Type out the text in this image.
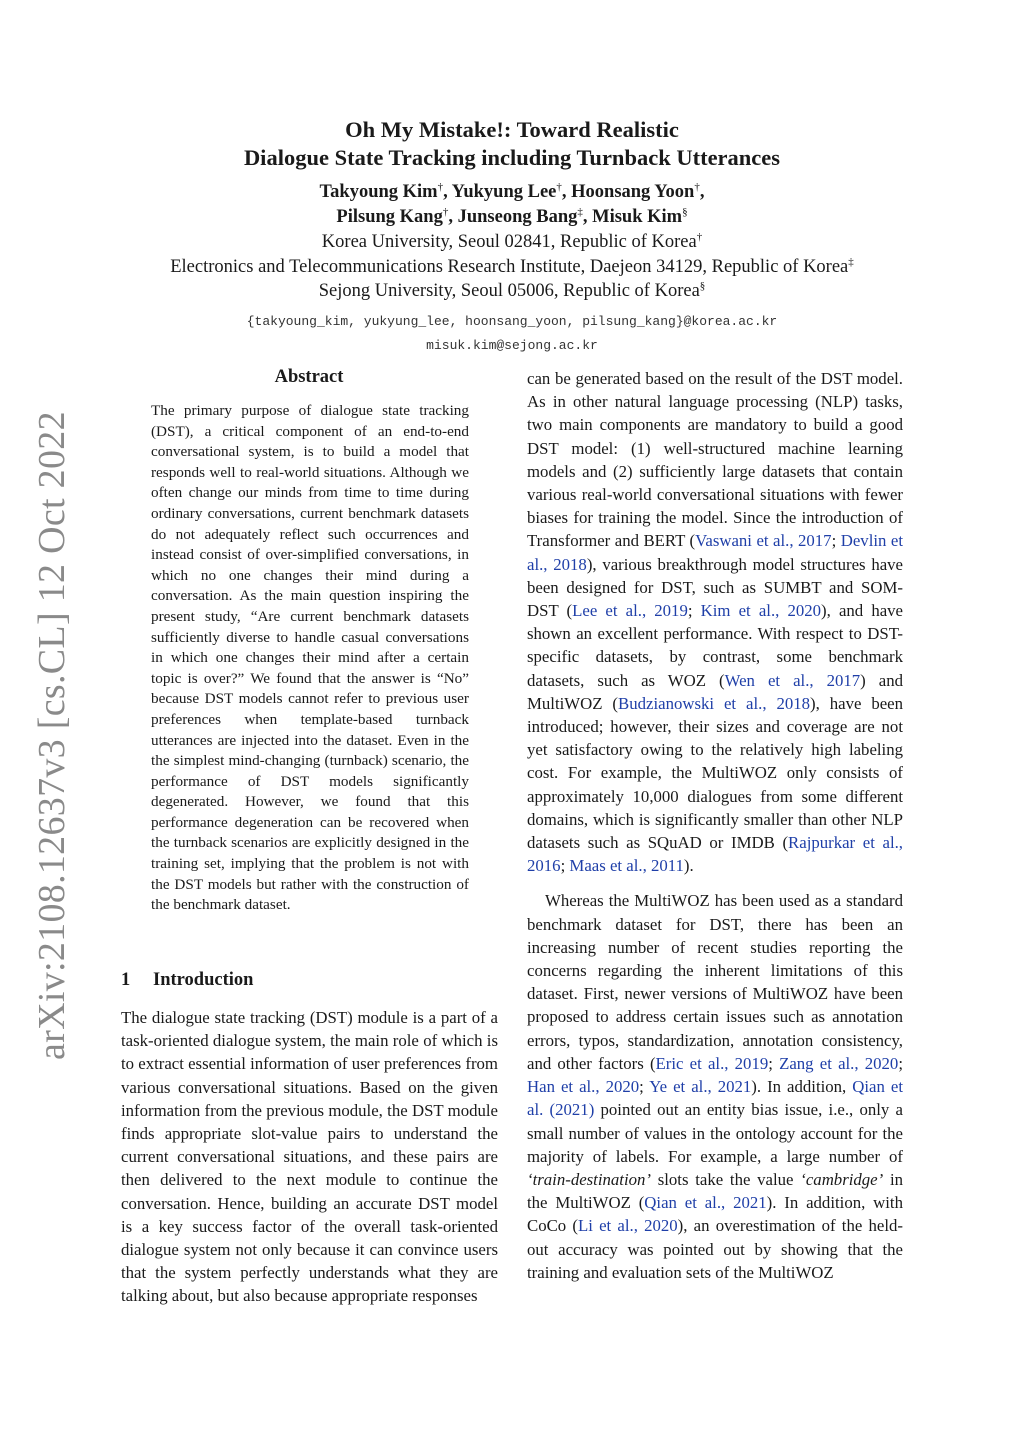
arXiv:2108.12637v3 [cs.CL] 12 Oct 2022
Oh My Mistake!: Toward Realistic
Dialogue State Tracking including Turnback Utterances
Takyoung Kim†, Yukyung Lee†, Hoonsang Yoon†,
Pilsung Kang†, Junseong Bang‡, Misuk Kim§
Korea University, Seoul 02841, Republic of Korea†
Electronics and Telecommunications Research Institute, Daejeon 34129, Republic of Korea‡
Sejong University, Seoul 05006, Republic of Korea§
{takyoung_kim, yukyung_lee, hoonsang_yoon, pilsung_kang}@korea.ac.kr
misuk.kim@sejong.ac.kr
Abstract

The primary purpose of dialogue state tracking (DST), a critical component of an end-to-end conversational system, is to build a model that responds well to real-world situations. Although we often change our minds from time to time during ordinary conversations, current benchmark datasets do not adequately reflect such occurrences and instead consist of over-simplified conversations, in which no one changes their mind during a conversation. As the main question inspiring the present study, “Are current benchmark datasets sufficiently diverse to handle casual conversations in which one changes their mind after a certain topic is over?” We found that the answer is “No” because DST models cannot refer to previous user preferences when template-based turnback utterances are injected into the dataset. Even in the the simplest mind-changing (turnback) scenario, the performance of DST models significantly degenerated. However, we found that this performance degeneration can be recovered when the turnback scenarios are explicitly designed in the training set, implying that the problem is not with the DST models but rather with the construction of the benchmark dataset.

1 Introduction

The dialogue state tracking (DST) module is a part of a task-oriented dialogue system, the main role of which is to extract essential information of user preferences from various conversational situations. Based on the given information from the previous module, the DST module finds appropriate slot-value pairs to understand the current conversational situations, and these pairs are then delivered to the next module to continue the conversation. Hence, building an accurate DST model is a key success factor of the overall task-oriented dialogue system not only because it can convince users that the system perfectly understands what they are talking about, but also because appropriate responses

can be generated based on the result of the DST model. As in other natural language processing (NLP) tasks, two main components are mandatory to build a good DST model: (1) well-structured machine learning models and (2) sufficiently large datasets that contain various real-world conversational situations with fewer biases for training the model. Since the introduction of Transformer and BERT (Vaswani et al., 2017; Devlin et al., 2018), various breakthrough model structures have been designed for DST, such as SUMBT and SOM-DST (Lee et al., 2019; Kim et al., 2020), and have shown an excellent performance. With respect to DST-specific datasets, by contrast, some benchmark datasets, such as WOZ (Wen et al., 2017) and MultiWOZ (Budzianowski et al., 2018), have been introduced; however, their sizes and coverage are not yet satisfactory owing to the relatively high labeling cost. For example, the MultiWOZ only consists of approximately 10,000 dialogues from some different domains, which is significantly smaller than other NLP datasets such as SQuAD or IMDB (Rajpurkar et al., 2016; Maas et al., 2011).

Whereas the MultiWOZ has been used as a standard benchmark dataset for DST, there has been an increasing number of recent studies reporting the concerns regarding the inherent limitations of this dataset. First, newer versions of MultiWOZ have been proposed to address certain issues such as annotation errors, typos, standardization, annotation consistency, and other factors (Eric et al., 2019; Zang et al., 2020; Han et al., 2020; Ye et al., 2021). In addition, Qian et al. (2021) pointed out an entity bias issue, i.e., only a small number of values in the ontology account for the majority of labels. For example, a large number of ‘train-destination’ slots take the value ‘cambridge’ in the MultiWOZ (Qian et al., 2021). In addition, with CoCo (Li et al., 2020), an overestimation of the held-out accuracy was pointed out by showing that the training and evaluation sets of the MultiWOZ
